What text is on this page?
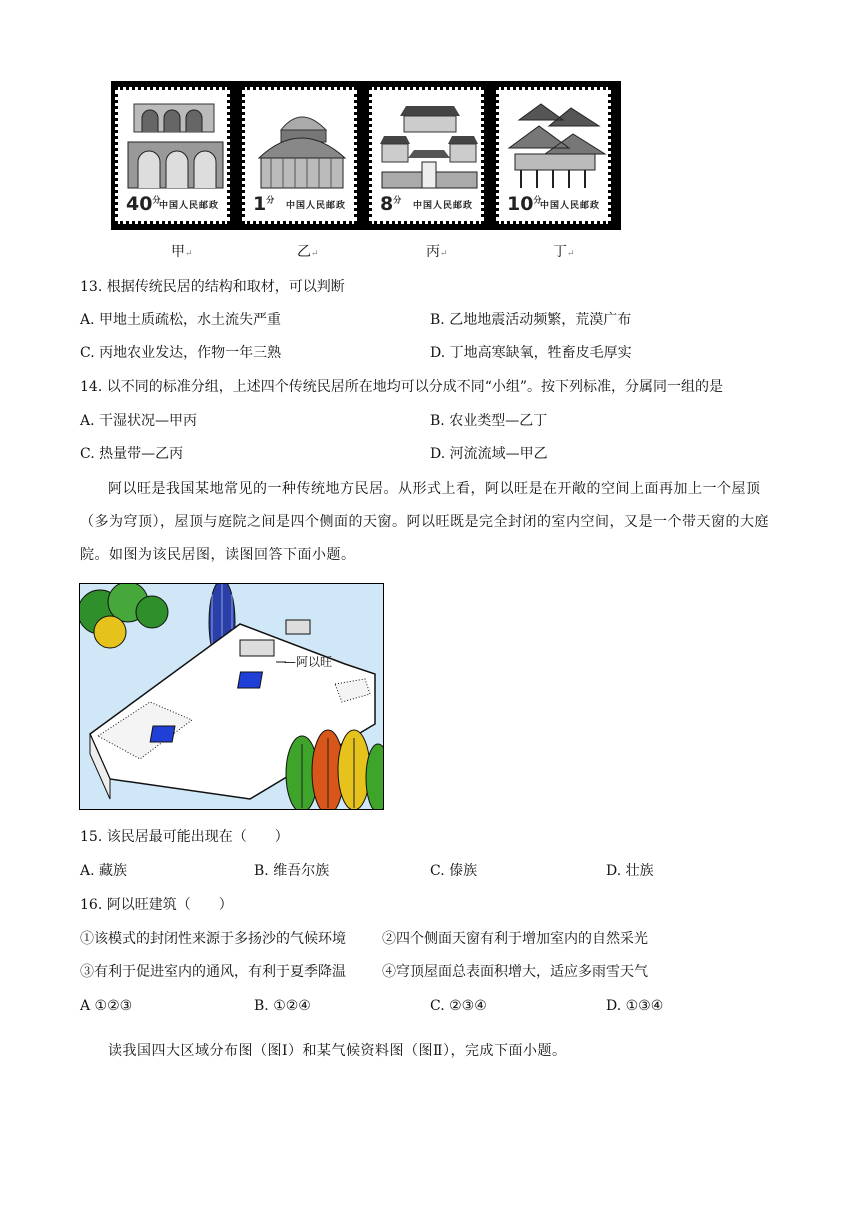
$40^分$
中国人民邮政 $1^分$
中国人民邮政 $8^分$
中国人民邮政 $10^分$
中国人民邮政
甲↵	乙↵	丙↵	丁↵
13. 根据传统民居的结构和取材，可以判断
A. 甲地土质疏松，水土流失严重	B. 乙地地震活动频繁，荒漠广布
C. 丙地农业发达，作物一年三熟	D. 丁地高寒缺氧，牲畜皮毛厚实
14. 以不同的标准分组，上述四个传统民居所在地均可以分成不同“小组”。按下列标准，分属同一组的是
A. 干湿状况—甲丙	B. 农业类型—乙丁
C. 热量带—乙丙	D. 河流流域—甲乙
阿以旺是我国某地常见的一种传统地方民居。从形式上看，阿以旺是在开敞的空间上面再加上一个屋顶（多为穹顶），屋顶与庭院之间是四个侧面的天窗。阿以旺既是完全封闭的室内空间，又是一个带天窗的大庭院。如图为该民居图，读图回答下面小题。
—阿以旺
15. 该民居最可能出现在（　　）
A. 藏族	B. 维吾尔族	C. 傣族	D. 壮族
16. 阿以旺建筑（　　）
①该模式的封闭性来源于多扬沙的气候环境	②四个侧面天窗有利于增加室内的自然采光
③有利于促进室内的通风，有利于夏季降温	④穹顶屋面总表面积增大，适应多雨雪天气
A ①②③	B. ①②④	C. ②③④	D. ①③④
读我国四大区域分布图（图Ⅰ）和某气候资料图（图Ⅱ），完成下面小题。
